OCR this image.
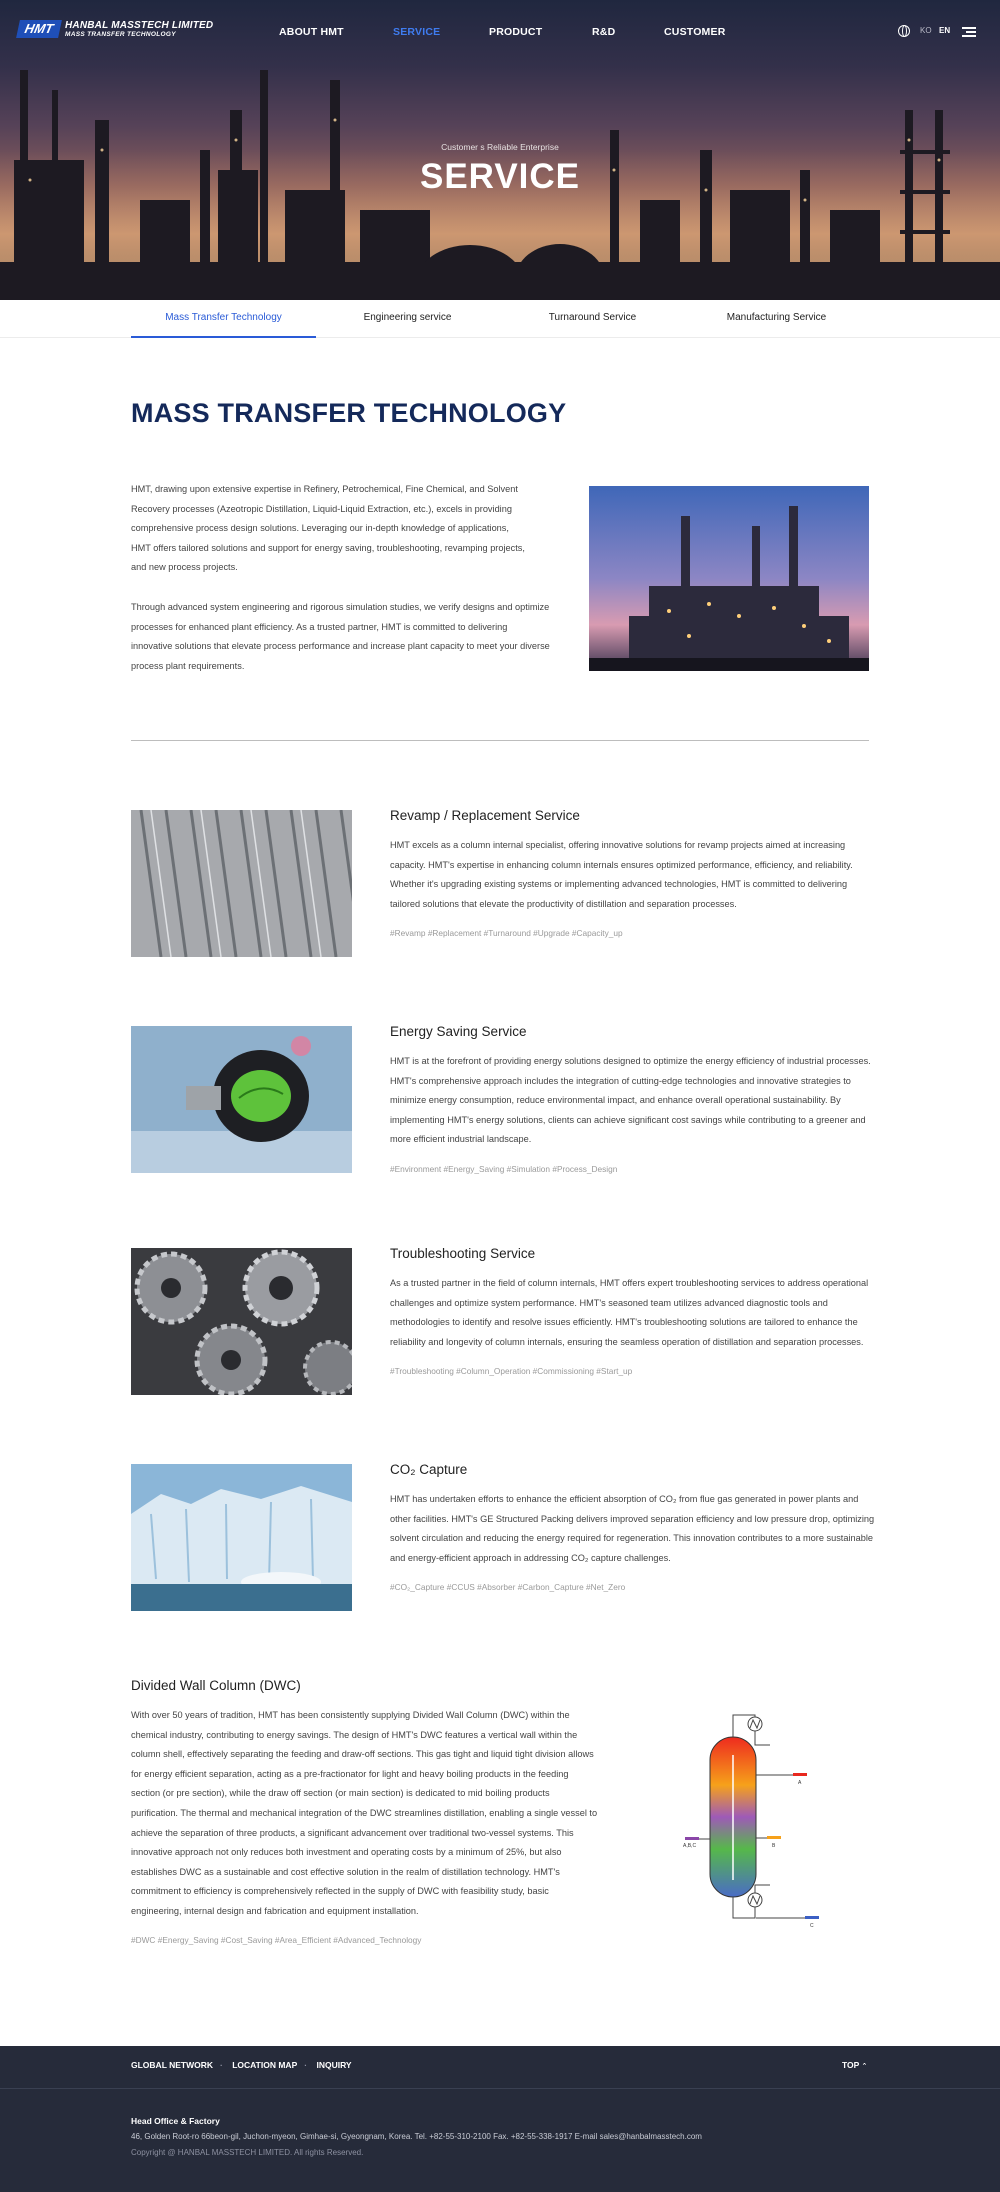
HMT	HANBAL MASSTECH LIMITED
MASS TRANSFER TECHNOLOGY	ABOUT HMT	SERVICE	PRODUCT	R&D	CUSTOMER	KO EN
Customer s Reliable Enterprise
SERVICE
Mass Transfer Technology	Engineering service	Turnaround Service	Manufacturing Service
MASS TRANSFER TECHNOLOGY
HMT, drawing upon extensive expertise in Refinery, Petrochemical, Fine Chemical, and Solvent Recovery processes (Azeotropic Distillation, Liquid-Liquid Extraction, etc.), excels in providing comprehensive process design solutions. Leveraging our in-depth knowledge of applications, HMT offers tailored solutions and support for energy saving, troubleshooting, revamping projects, and new process projects.
Through advanced system engineering and rigorous simulation studies, we verify designs and optimize processes for enhanced plant efficiency. As a trusted partner, HMT is committed to delivering innovative solutions that elevate process performance and increase plant capacity to meet your diverse process plant requirements.
Revamp / Replacement Service
HMT excels as a column internal specialist, offering innovative solutions for revamp projects aimed at increasing capacity. HMT's expertise in enhancing column internals ensures optimized performance, efficiency, and reliability. Whether it's upgrading existing systems or implementing advanced technologies, HMT is committed to delivering tailored solutions that elevate the productivity of distillation and separation processes.
#Revamp #Replacement #Turnaround #Upgrade #Capacity_up
Energy Saving Service
HMT is at the forefront of providing energy solutions designed to optimize the energy efficiency of industrial processes. HMT's comprehensive approach includes the integration of cutting-edge technologies and innovative strategies to minimize energy consumption, reduce environmental impact, and enhance overall operational sustainability. By implementing HMT's energy solutions, clients can achieve significant cost savings while contributing to a greener and more efficient industrial landscape.
#Environment #Energy_Saving #Simulation #Process_Design
Troubleshooting Service
As a trusted partner in the field of column internals, HMT offers expert troubleshooting services to address operational challenges and optimize system performance. HMT's seasoned team utilizes advanced diagnostic tools and methodologies to identify and resolve issues efficiently. HMT's troubleshooting solutions are tailored to enhance the reliability and longevity of column internals, ensuring the seamless operation of distillation and separation processes.
#Troubleshooting #Column_Operation #Commissioning #Start_up
CO₂ Capture
HMT has undertaken efforts to enhance the efficient absorption of CO₂ from flue gas generated in power plants and other facilities. HMT's GE Structured Packing delivers improved separation efficiency and low pressure drop, optimizing solvent circulation and reducing the energy required for regeneration. This innovation contributes to a more sustainable and energy-efficient approach in addressing CO₂ capture challenges.
#CO₂_Capture #CCUS #Absorber #Carbon_Capture #Net_Zero
Divided Wall Column (DWC)
With over 50 years of tradition, HMT has been consistently supplying Divided Wall Column (DWC) within the chemical industry, contributing to energy savings. The design of HMT's DWC features a vertical wall within the column shell, effectively separating the feeding and draw-off sections. This gas tight and liquid tight division allows for energy efficient separation, acting as a pre-fractionator for light and heavy boiling products in the feeding section (or pre section), while the draw off section (or main section) is dedicated to mid boiling products purification. The thermal and mechanical integration of the DWC streamlines distillation, enabling a single vessel to achieve the separation of three products, a significant advancement over traditional two-vessel systems. This innovative approach not only reduces both investment and operating costs by a minimum of 25%, but also establishes DWC as a sustainable and cost effective solution in the realm of distillation technology. HMT's commitment to efficiency is comprehensively reflected in the supply of DWC with feasibility study, basic engineering, internal design and fabrication and equipment installation.
#DWC #Energy_Saving #Cost_Saving #Area_Efficient #Advanced_Technology
A
B
A,B,C
C
GLOBAL NETWORK · LOCATION MAP · INQUIRY	TOP ⌃
Head Office & Factory
46, Golden Root-ro 66beon-gil, Juchon-myeon, Gimhae-si, Gyeongnam, Korea. Tel. +82-55-310-2100 Fax. +82-55-338-1917 E-mail sales@hanbalmasstech.com
Copyright @ HANBAL MASSTECH LIMITED. All rights Reserved.
